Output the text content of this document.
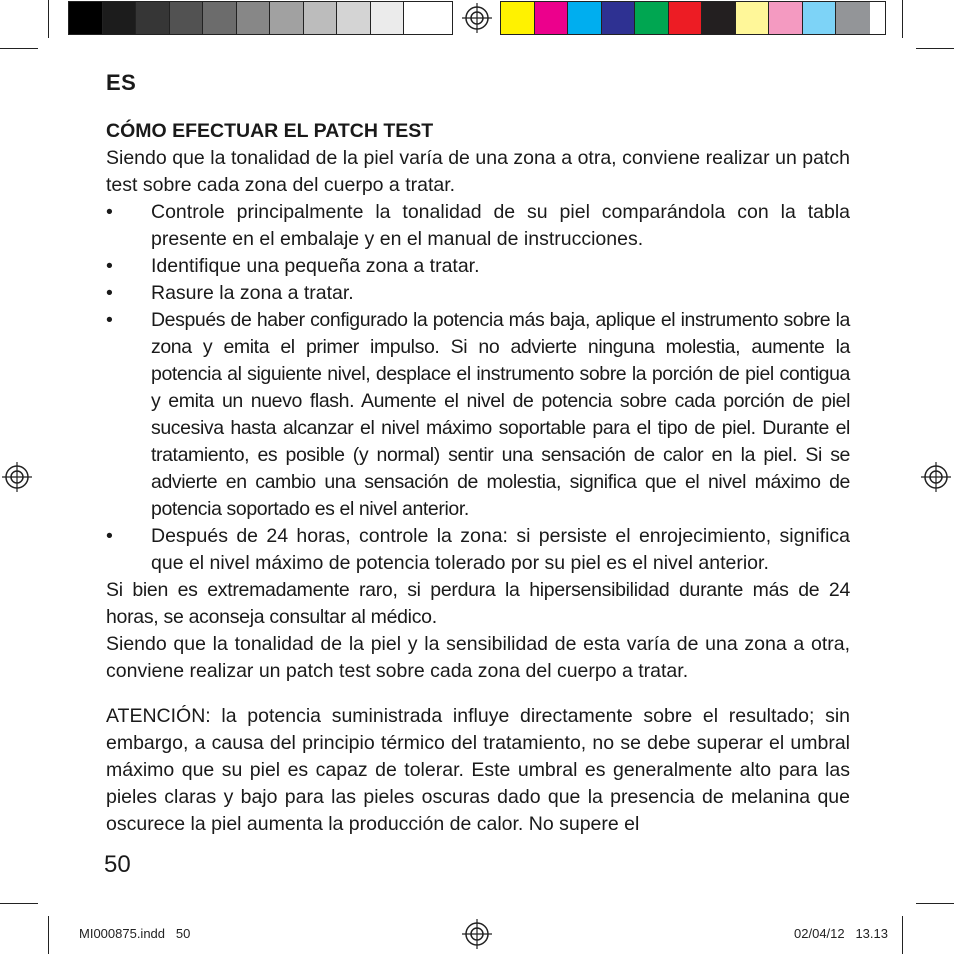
ES
CÓMO EFECTUAR EL PATCH TEST

Siendo que la tonalidad de la piel varía de una zona a otra, conviene realizar un patch test sobre cada zona del cuerpo a tratar.

• Controle principalmente la tonalidad de su piel comparándola con la tabla presente en el embalaje y en el manual de instrucciones.
• Identifique una pequeña zona a tratar.
• Rasure la zona a tratar.
• Después de haber configurado la potencia más baja, aplique el instrumento sobre la zona y emita el primer impulso. Si no advierte ninguna molestia, aumente la potencia al siguiente nivel, desplace el instrumento sobre la porción de piel contigua y emita un nuevo flash. Aumente el nivel de potencia sobre cada porción de piel sucesiva hasta alcanzar el nivel máximo soportable para el tipo de piel. Durante el tratamiento, es posible (y normal) sentir una sensación de calor en la piel. Si se advierte en cambio una sensación de molestia, significa que el nivel máximo de potencia soportado es el nivel anterior.
• Después de 24 horas, controle la zona: si persiste el enrojecimiento, significa que el nivel máximo de potencia tolerado por su piel es el nivel anterior.

Si bien es extremadamente raro, si perdura la hipersensibilidad durante más de 24 horas, se aconseja consultar al médico.

Siendo que la tonalidad de la piel y la sensibilidad de esta varía de una zona a otra, conviene realizar un patch test sobre cada zona del cuerpo a tratar.

ATENCIÓN: la potencia suministrada influye directamente sobre el resultado; sin embargo, a causa del principio térmico del tratamiento, no se debe superar el umbral máximo que su piel es capaz de tolerar. Este umbral es generalmente alto para las pieles claras y bajo para las pieles oscuras dado que la presencia de melanina que oscurece la piel aumenta la producción de calor. No supere el

50
MI000875.indd   50	02/04/12   13.13
